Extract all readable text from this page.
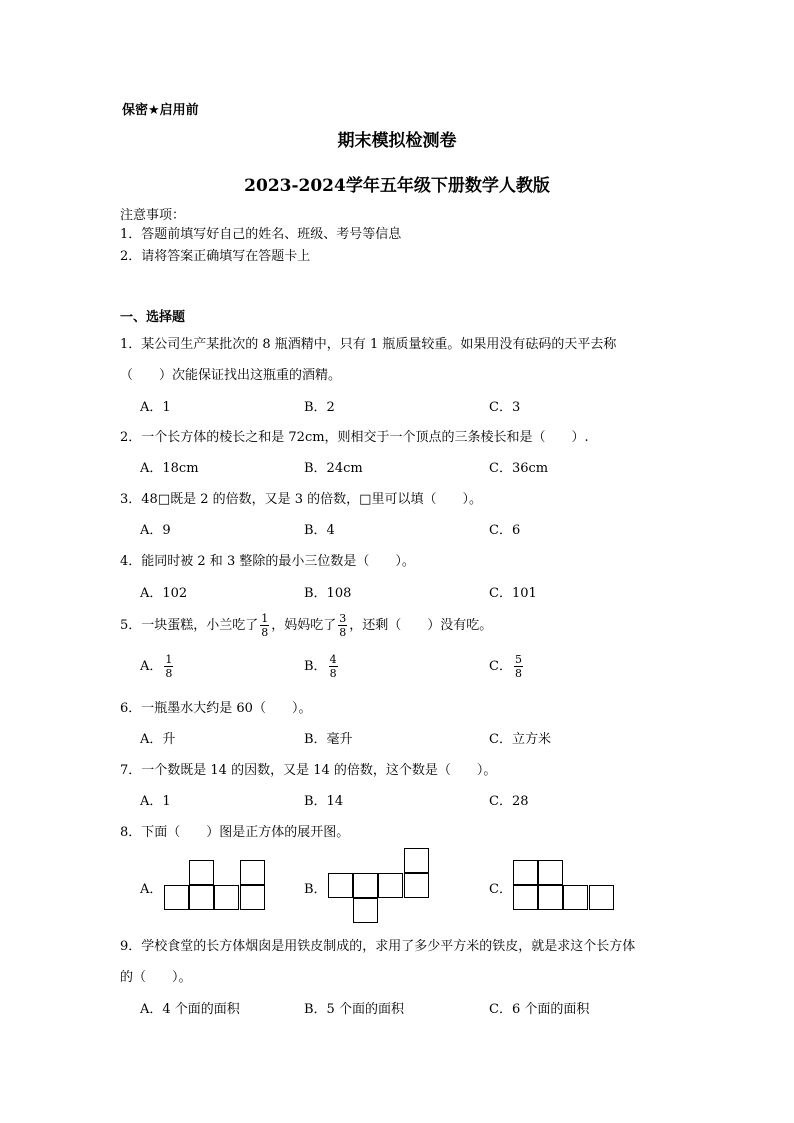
保密★启用前
期末模拟检测卷
2023-2024学年五年级下册数学人教版
注意事项：
1．答题前填写好自己的姓名、班级、考号等信息
2．请将答案正确填写在答题卡上
一、选择题
1．某公司生产某批次的 8 瓶酒精中，只有 1 瓶质量较重。如果用没有砝码的天平去称
（　　）次能保证找出这瓶重的酒精。
A．1	B．2	C．3
2．一个长方体的棱长之和是 72cm，则相交于一个顶点的三条棱长和是（　　）.
A．18cm	B．24cm	C．36cm
3．48□既是 2 的倍数，又是 3 的倍数，□里可以填（　　）。
A．9	B．4	C．6
4．能同时被 2 和 3 整除的最小三位数是（　　）。
A．102	B．108	C．101
5．一块蛋糕，小兰吃了 $\frac{1}{8}$ ，妈妈吃了 $\frac{3}{8}$ ，还剩（　　）没有吃。
A． $\frac{1}{8}$	B． $\frac{4}{8}$	C． $\frac{5}{8}$
6．一瓶墨水大约是 60（　　）。
A．升	B．毫升	C．立方米
7．一个数既是 14 的因数，又是 14 的倍数，这个数是（　　）。
A．1	B．14	C．28
8．下面（　　）图是正方体的展开图。
A．	B．	C．
9．学校食堂的长方体烟囱是用铁皮制成的，求用了多少平方米的铁皮，就是求这个长方体
的（　　）。
A．4 个面的面积	B．5 个面的面积	C．6 个面的面积
